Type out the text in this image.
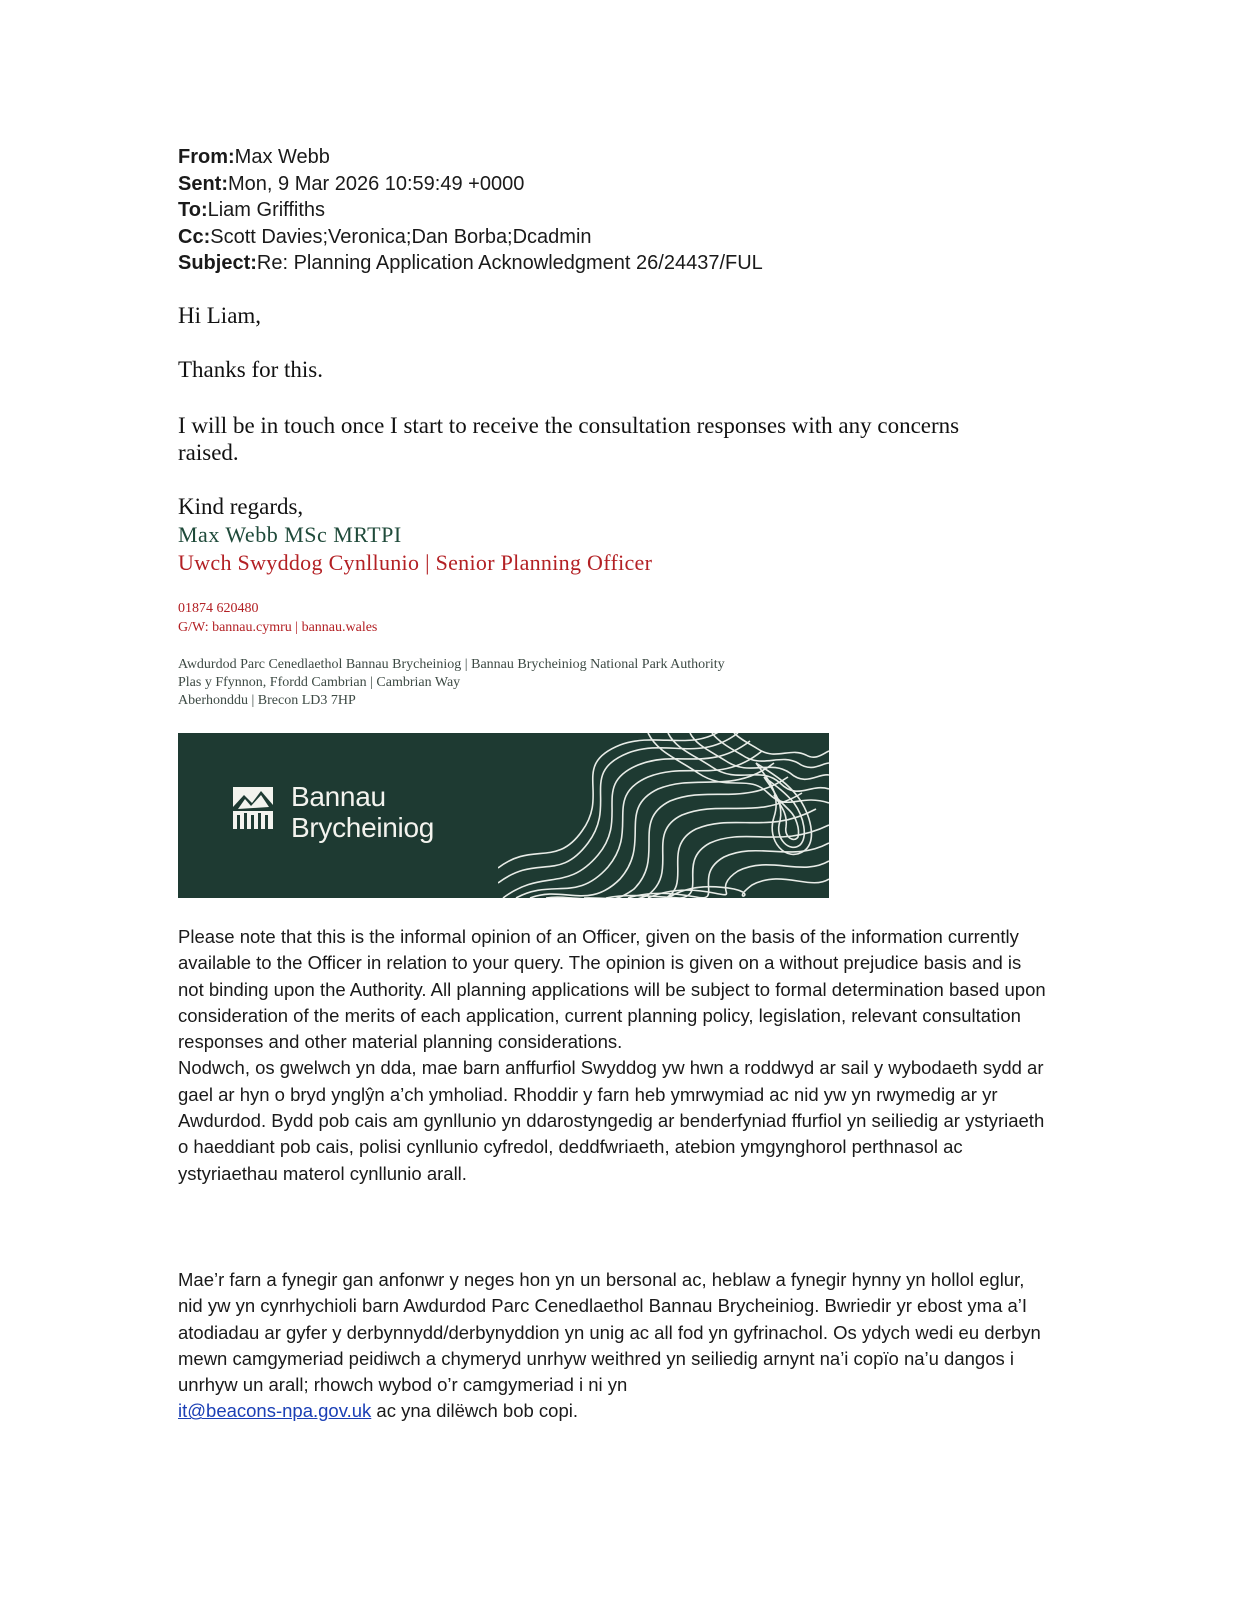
From:Max Webb
Sent:Mon, 9 Mar 2026 10:59:49 +0000
To:Liam Griffiths
Cc:Scott Davies;Veronica;Dan Borba;Dcadmin
Subject:Re: Planning Application Acknowledgment 26/24437/FUL
Hi Liam,
Thanks for this.
I will be in touch once I start to receive the consultation responses with any concerns raised.
Kind regards,
Max Webb MSc MRTPI
Uwch Swyddog Cynllunio | Senior Planning Officer
01874 620480
G/W: bannau.cymru | bannau.wales
Awdurdod Parc Cenedlaethol Bannau Brycheiniog | Bannau Brycheiniog National Park Authority
Plas y Ffynnon, Ffordd Cambrian | Cambrian Way
Aberhonddu | Brecon LD3 7HP
Bannau
Brycheiniog

Please note that this is the informal opinion of an Officer, given on the basis of the information currently available to the Officer in relation to your query. The opinion is given on a without prejudice basis and is not binding upon the Authority. All planning applications will be subject to formal determination based upon consideration of the merits of each application, current planning policy, legislation, relevant consultation responses and other material planning considerations.

Nodwch, os gwelwch yn dda, mae barn anffurfiol Swyddog yw hwn a roddwyd ar sail y wybodaeth sydd ar gael ar hyn o bryd ynglŷn a’ch ymholiad. Rhoddir y farn heb ymrwymiad ac nid yw yn rwymedig ar yr Awdurdod. Bydd pob cais am gynllunio yn ddarostyngedig ar benderfyniad ffurfiol yn seiliedig ar ystyriaeth o haeddiant pob cais, polisi cynllunio cyfredol, deddfwriaeth, atebion ymgynghorol perthnasol ac ystyriaethau materol cynllunio arall.

Mae’r farn a fynegir gan anfonwr y neges hon yn un bersonal ac, heblaw a fynegir hynny yn hollol eglur, nid yw yn cynrhychioli barn Awdurdod Parc Cenedlaethol Bannau Brycheiniog. Bwriedir yr ebost yma a’I atodiadau ar gyfer y derbynnydd/derbynyddion yn unig ac all fod yn gyfrinachol. Os ydych wedi eu derbyn mewn camgymeriad peidiwch a chymeryd unrhyw weithred yn seiliedig arnynt na’i copïo na’u dangos i unrhyw un arall; rhowch wybod o’r camgymeriad i ni yn
it@beacons-npa.gov.uk ac yna dilëwch bob copi.
